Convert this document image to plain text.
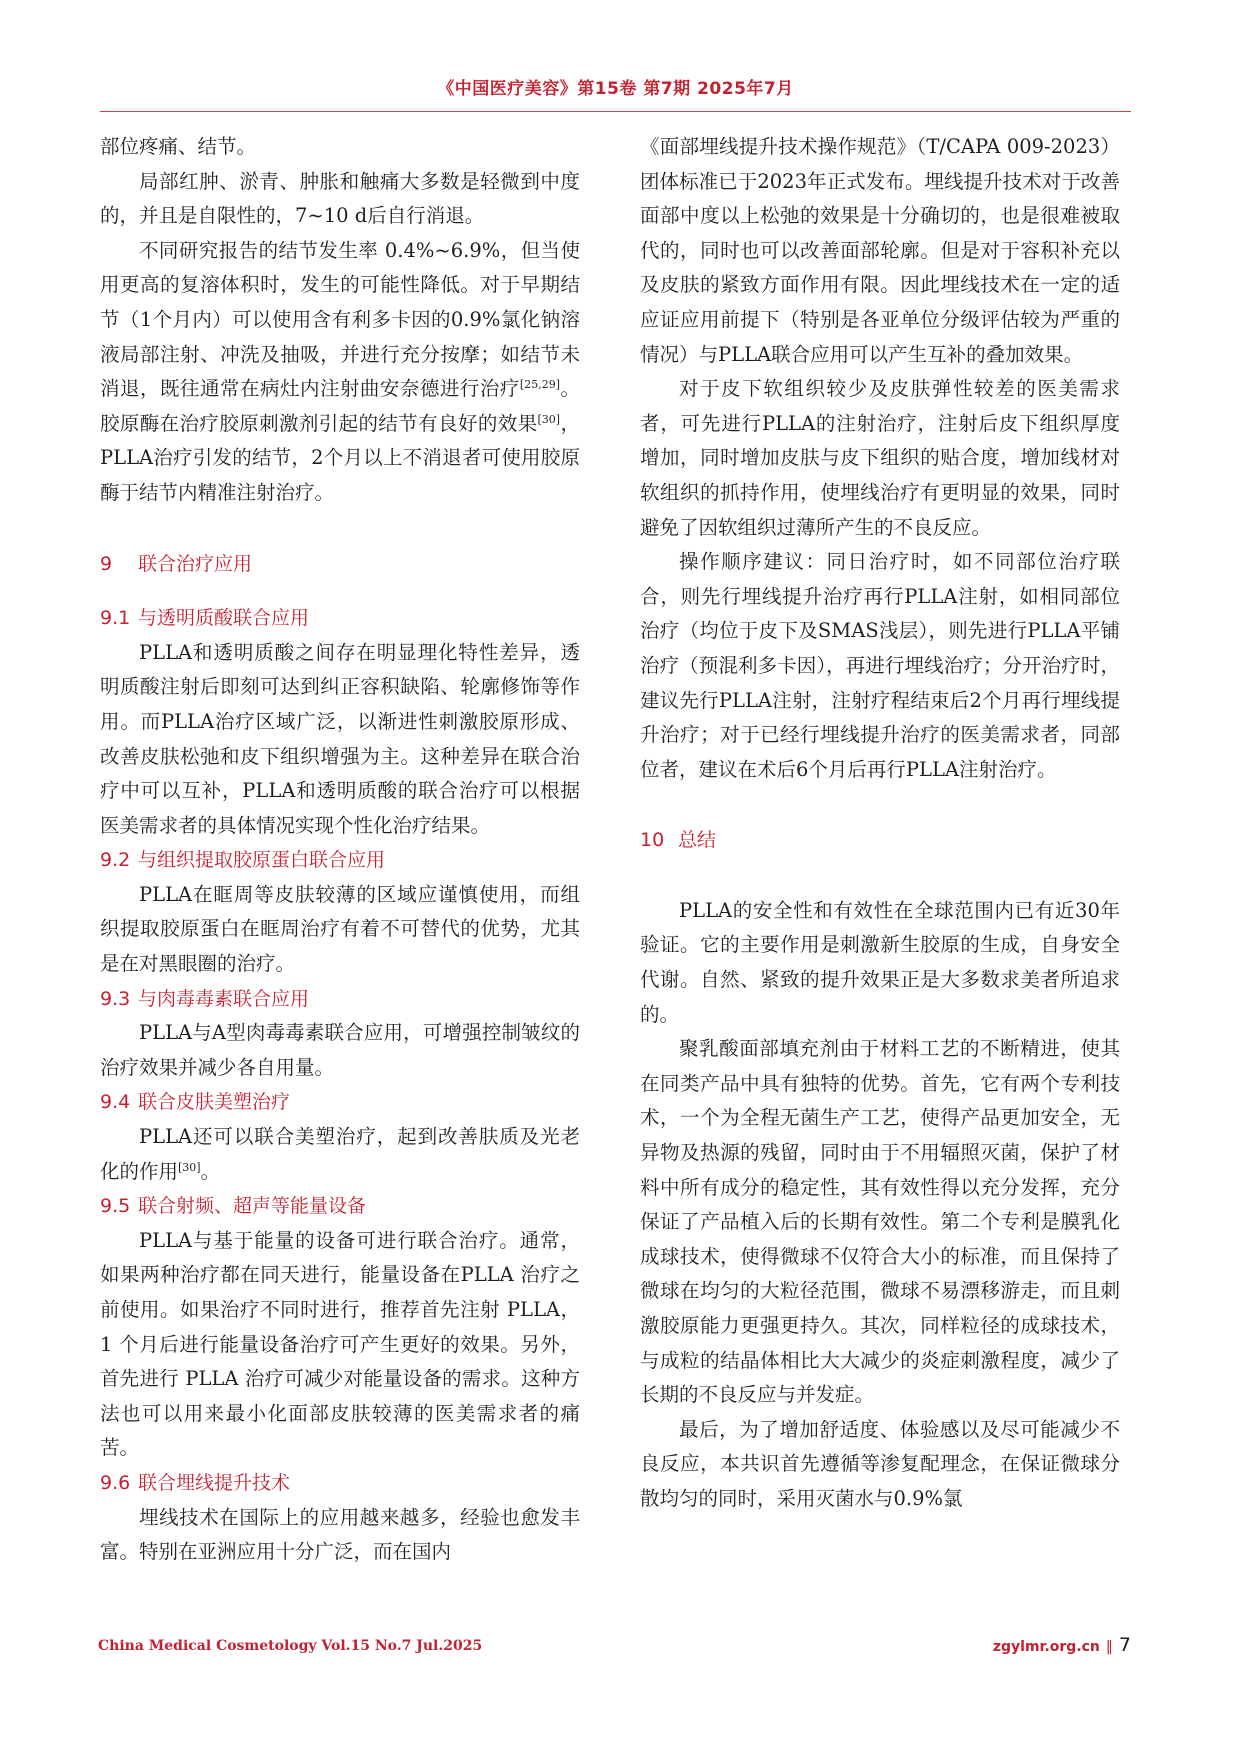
《中国医疗美容》第15卷 第7期 2025年7月

部位疼痛、结节。

局部红肿、淤青、肿胀和触痛大多数是轻微到中度的，并且是自限性的，7~10 d后自行消退。

不同研究报告的结节发生率 0.4%~6.9%，但当使用更高的复溶体积时，发生的可能性降低。对于早期结节（1个月内）可以使用含有利多卡因的0.9%氯化钠溶液局部注射、冲洗及抽吸，并进行充分按摩；如结节未消退，既往通常在病灶内注射曲安奈德进行治疗[25,29]。胶原酶在治疗胶原刺激剂引起的结节有良好的效果[30]，PLLA治疗引发的结节，2个月以上不消退者可使用胶原酶于结节内精准注射治疗。

9 联合治疗应用

9.1 与透明质酸联合应用

PLLA和透明质酸之间存在明显理化特性差异，透明质酸注射后即刻可达到纠正容积缺陷、轮廓修饰等作用。而PLLA治疗区域广泛，以渐进性刺激胶原形成、改善皮肤松弛和皮下组织增强为主。这种差异在联合治疗中可以互补，PLLA和透明质酸的联合治疗可以根据医美需求者的具体情况实现个性化治疗结果。

9.2 与组织提取胶原蛋白联合应用

PLLA在眶周等皮肤较薄的区域应谨慎使用，而组织提取胶原蛋白在眶周治疗有着不可替代的优势，尤其是在对黑眼圈的治疗。

9.3 与肉毒毒素联合应用

PLLA与A型肉毒毒素联合应用，可增强控制皱纹的治疗效果并减少各自用量。

9.4 联合皮肤美塑治疗

PLLA还可以联合美塑治疗，起到改善肤质及光老化的作用[30]。

9.5 联合射频、超声等能量设备

PLLA与基于能量的设备可进行联合治疗。通常，如果两种治疗都在同天进行，能量设备在PLLA 治疗之前使用。如果治疗不同时进行，推荐首先注射 PLLA，1 个月后进行能量设备治疗可产生更好的效果。另外，首先进行 PLLA 治疗可减少对能量设备的需求。这种方法也可以用来最小化面部皮肤较薄的医美需求者的痛苦。

9.6 联合埋线提升技术

埋线技术在国际上的应用越来越多，经验也愈发丰富。特别在亚洲应用十分广泛，而在国内

《面部埋线提升技术操作规范》（T/CAPA 009-2023）团体标准已于2023年正式发布。埋线提升技术对于改善面部中度以上松弛的效果是十分确切的，也是很难被取代的，同时也可以改善面部轮廓。但是对于容积补充以及皮肤的紧致方面作用有限。因此埋线技术在一定的适应证应用前提下（特别是各亚单位分级评估较为严重的情况）与PLLA联合应用可以产生互补的叠加效果。

对于皮下软组织较少及皮肤弹性较差的医美需求者，可先进行PLLA的注射治疗，注射后皮下组织厚度增加，同时增加皮肤与皮下组织的贴合度，增加线材对软组织的抓持作用，使埋线治疗有更明显的效果，同时避免了因软组织过薄所产生的不良反应。

操作顺序建议：同日治疗时，如不同部位治疗联合，则先行埋线提升治疗再行PLLA注射，如相同部位治疗（均位于皮下及SMAS浅层），则先进行PLLA平铺治疗（预混利多卡因），再进行埋线治疗；分开治疗时，建议先行PLLA注射，注射疗程结束后2个月再行埋线提升治疗；对于已经行埋线提升治疗的医美需求者，同部位者，建议在术后6个月后再行PLLA注射治疗。

10 总结

PLLA的安全性和有效性在全球范围内已有近30年验证。它的主要作用是刺激新生胶原的生成，自身安全代谢。自然、紧致的提升效果正是大多数求美者所追求的。

聚乳酸面部填充剂由于材料工艺的不断精进，使其在同类产品中具有独特的优势。首先，它有两个专利技术，一个为全程无菌生产工艺，使得产品更加安全，无异物及热源的残留，同时由于不用辐照灭菌，保护了材料中所有成分的稳定性，其有效性得以充分发挥，充分保证了产品植入后的长期有效性。第二个专利是膜乳化成球技术，使得微球不仅符合大小的标准，而且保持了微球在均匀的大粒径范围，微球不易漂移游走，而且刺激胶原能力更强更持久。其次，同样粒径的成球技术，与成粒的结晶体相比大大减少的炎症刺激程度，减少了长期的不良反应与并发症。

最后，为了增加舒适度、体验感以及尽可能减少不良反应，本共识首先遵循等渗复配理念，在保证微球分散均匀的同时，采用灭菌水与0.9%氯

China Medical Cosmetology Vol.15 No.7 Jul.2025	zgylmr.org.cn ‖ 7
